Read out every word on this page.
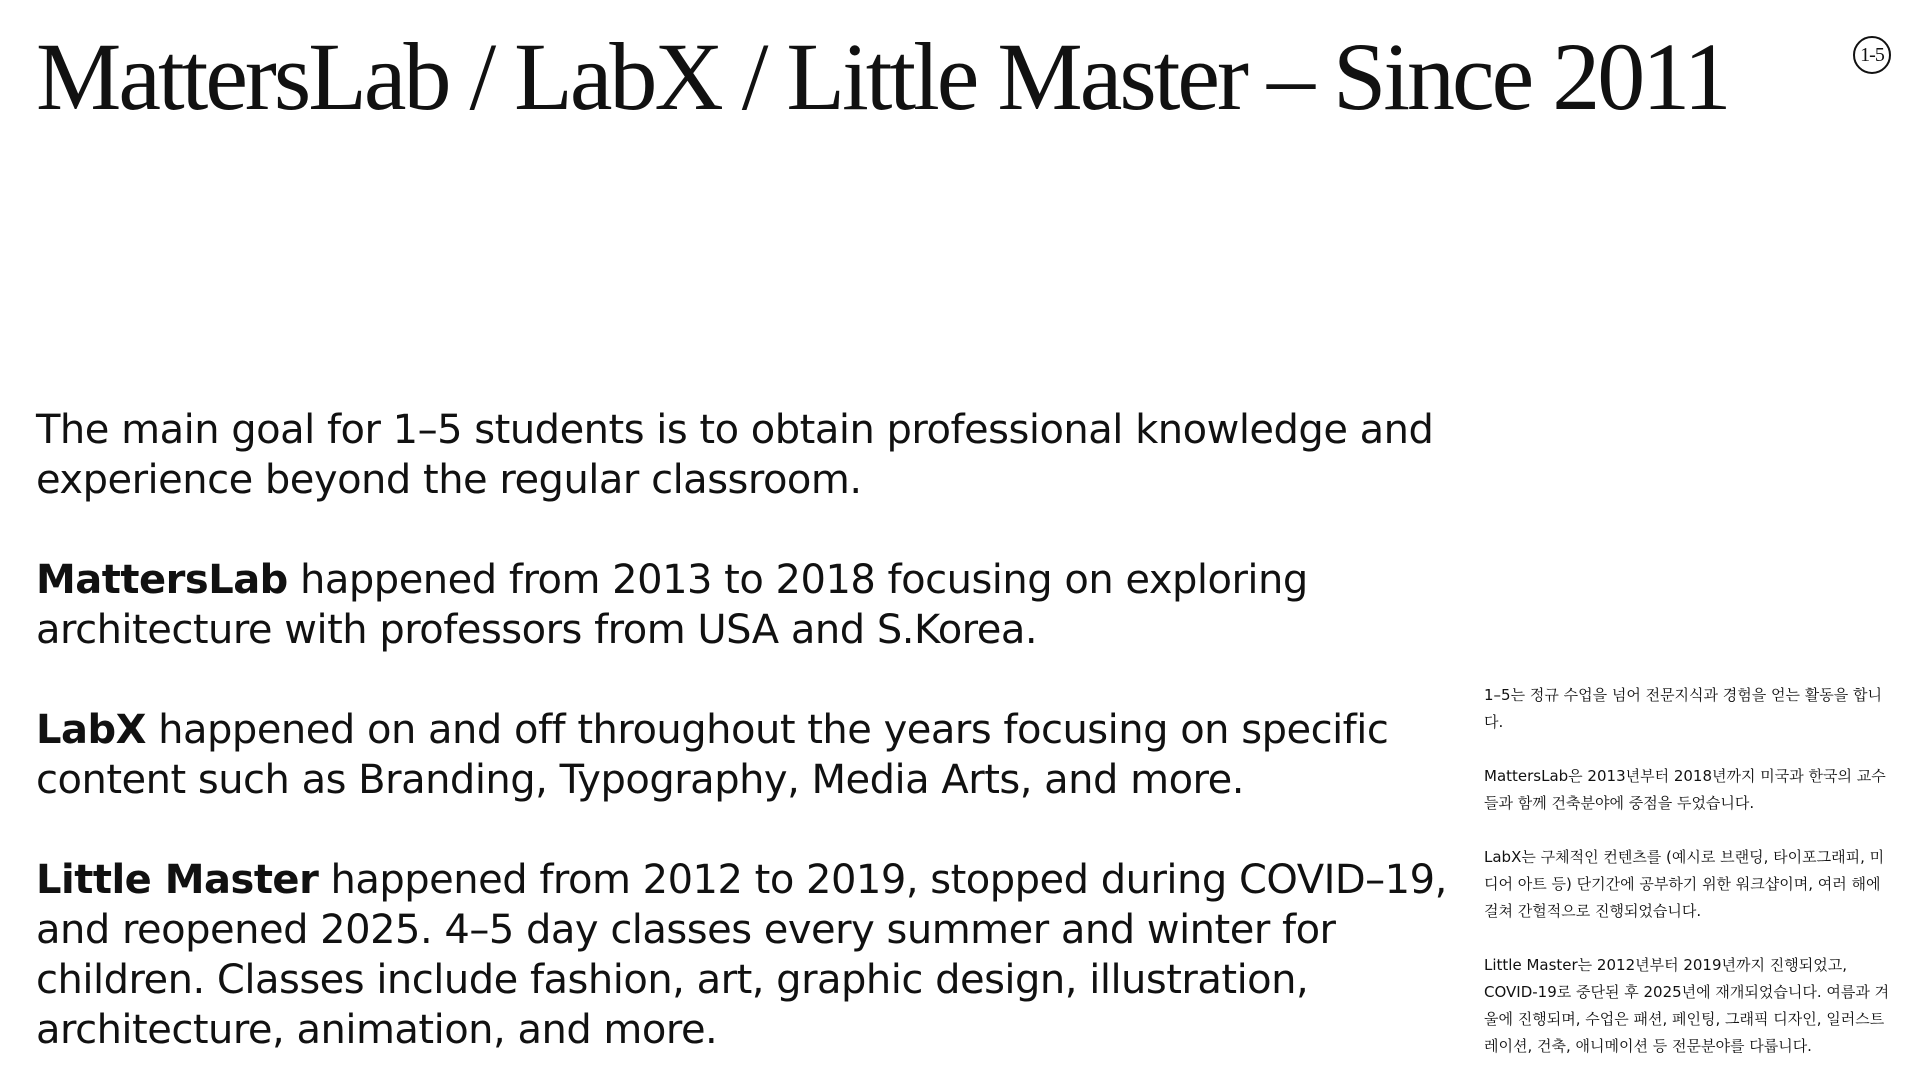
MattersLab / LabX / Little Master – Since 2011	1-5

The main goal for 1–5 students is to obtain professional knowledge and experience beyond the regular classroom.

MattersLab happened from 2013 to 2018 focusing on exploring architecture with professors from USA and S.Korea.

LabX happened on and off throughout the years focusing on specific content such as Branding, Typography, Media Arts, and more.

Little Master happened from 2012 to 2019, stopped during COVID–19, and reopened 2025. 4–5 day classes every summer and winter for children. Classes include fashion, art, graphic design, illustration, architecture, animation, and more.

1–5는 정규 수업을 넘어 전문지식과 경험을 얻는 활동을 합니다.

MattersLab은 2013년부터 2018년까지 미국과 한국의 교수들과 함께 건축분야에 중점을 두었습니다.

LabX는 구체적인 컨텐츠를 (예시로 브랜딩, 타이포그래피, 미디어 아트 등) 단기간에 공부하기 위한 워크샵이며, 여러 해에 걸쳐 간헐적으로 진행되었습니다.

Little Master는 2012년부터 2019년까지 진행되었고, COVID-19로 중단된 후 2025년에 재개되었습니다. 여름과 겨울에 진행되며, 수업은 패션, 페인팅, 그래픽 디자인, 일러스트레이션, 건축, 애니메이션 등 전문분야를 다룹니다.
